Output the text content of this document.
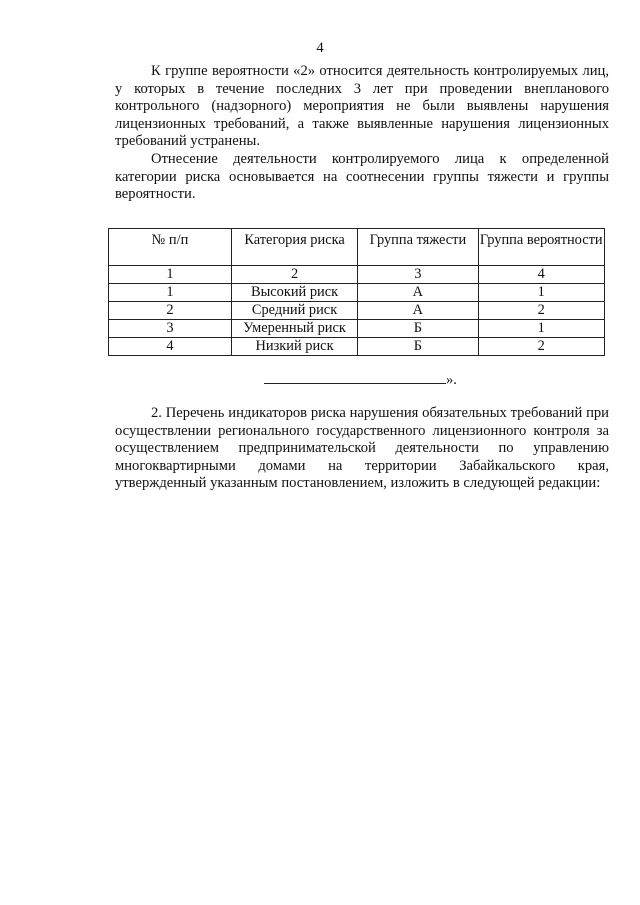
4

К группе вероятности «2» относится деятельность контролируемых лиц, у которых в течение последних 3 лет при проведении внепланового контрольного (надзорного) мероприятия не были выявлены нарушения лицензионных требований, а также выявленные нарушения лицензионных требований устранены.

Отнесение деятельности контролируемого лица к определенной категории риска основывается на соотнесении группы тяжести и группы вероятности.

№ п/п	Категория риска	Группа тяжести	Группа вероятности
1	2	3	4
1	Высокий риск	А	1
2	Средний риск	А	2
3	Умеренный риск	Б	1
4	Низкий риск	Б	2
».

2. Перечень индикаторов риска нарушения обязательных требований при осуществлении регионального государственного лицензионного контроля за осуществлением предпринимательской деятельности по управлению многоквартирными домами на территории Забайкальского края, утвержденный указанным постановлением, изложить в следующей редакции:
